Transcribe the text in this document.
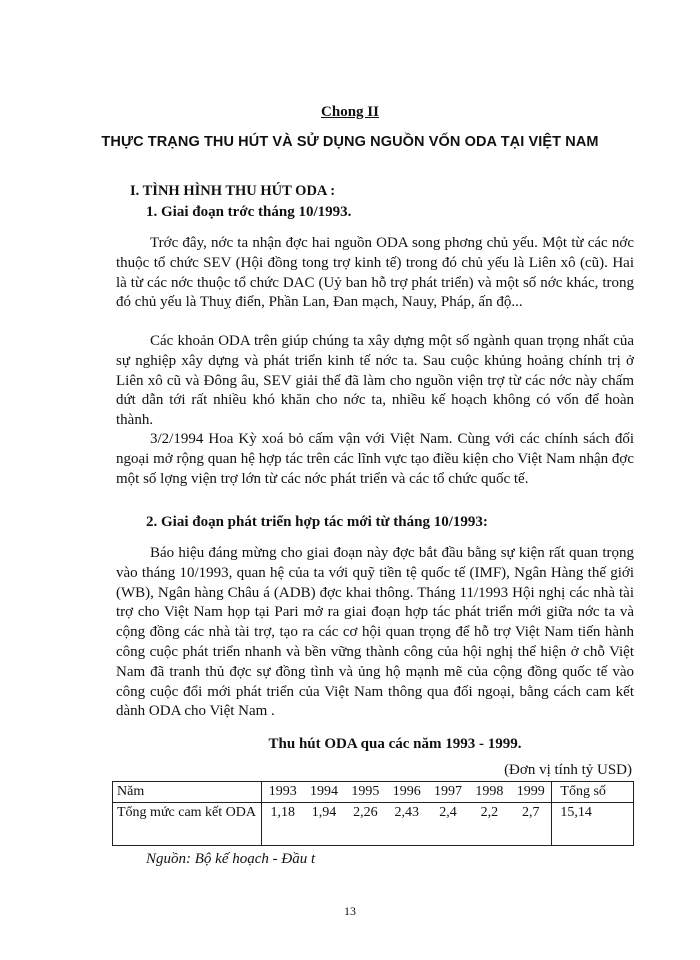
Chong II
THỰC TRẠNG THU HÚT VÀ SỬ DỤNG NGUỒN VỐN ODA TẠI VIỆT NAM
I. TÌNH HÌNH THU HÚT ODA :
1. Giai đoạn trớc tháng 10/1993.

Trớc đây, nớc ta nhận đợc hai nguồn ODA song phơng chủ yếu. Một từ các nớc thuộc tổ chức SEV (Hội đồng tong trợ kinh tế) trong đó chủ yếu là Liên xô (cũ). Hai là từ các nớc thuộc tổ chức DAC (Uỷ ban hỗ trợ phát triển) và một số nớc khác, trong đó chủ yếu là Thuỵ điển, Phần Lan, Đan mạch, Nauy, Pháp, ấn độ...

Các khoản ODA trên giúp chúng ta xây dựng một số ngành quan trọng nhất của sự nghiệp xây dựng và phát triển kinh tế nớc ta. Sau cuộc khủng hoảng chính trị ở Liên xô cũ và Đông âu, SEV giải thể đã làm cho nguồn viện trợ từ các nớc này chấm dứt dẫn tới rất nhiều khó khăn cho nớc ta, nhiều kế hoạch không có vốn để hoàn thành.

3/2/1994 Hoa Kỳ xoá bỏ cấm vận với Việt Nam. Cùng với các chính sách đối ngoại mở rộng quan hệ hợp tác trên các lĩnh vực tạo điều kiện cho Việt Nam nhận đợc một số lợng viện trợ lớn từ các nớc phát triển và các tổ chức quốc tế.

2. Giai đoạn phát triển hợp tác mới từ tháng 10/1993:

Báo hiệu đáng mừng cho giai đoạn này đợc bắt đầu bằng sự kiện rất quan trọng vào tháng 10/1993, quan hệ của ta với quỹ tiền tệ quốc tế (IMF), Ngân Hàng thế giới (WB), Ngân hàng Châu á (ADB) đợc khai thông. Tháng 11/1993 Hội nghị các nhà tài trợ cho Việt Nam họp tại Pari mở ra giai đoạn hợp tác phát triển mới giữa nớc ta và cộng đồng các nhà tài trợ, tạo ra các cơ hội quan trọng để hỗ trợ Việt Nam tiến hành công cuộc phát triển nhanh và bền vững thành công của hội nghị thể hiện ở chỗ Việt Nam đã tranh thủ đợc sự đồng tình và ủng hộ mạnh mẽ của cộng đồng quốc tế vào công cuộc đổi mới phát triển của Việt Nam thông qua đối ngoại, bằng cách cam kết dành ODA cho Việt Nam .

Thu hút ODA qua các năm 1993 - 1999.
(Đơn vị tính tỷ USD)
Năm	1993	1994	1995	1996	1997	1998	1999	Tổng số
Tổng mức cam kết ODA	1,18	1,94	2,26	2,43	2,4	2,2	2,7	15,14
Nguồn: Bộ kế hoạch - Đầu t
13
